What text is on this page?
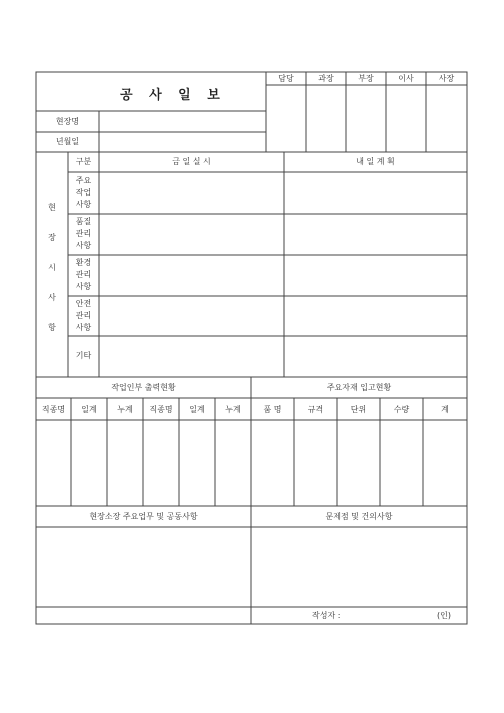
공 사 일 보
담당	과장	부장	이사	사장
현장명
년월일
현
장
시
사
항
구분	금 일 실 시	내 일 계 획
주요
작업
사항
품질
관리
사항
환경
관리
사항
안전
관리
사항
기타
작업인부 출력현황	주요자재 입고현황
직종명	일계	누계	직종명	일계	누계	품 명	규격	단위	수량	계
현장소장 주요업무 및 공동사항	문제점 및 건의사항
작성자 :	(인)
